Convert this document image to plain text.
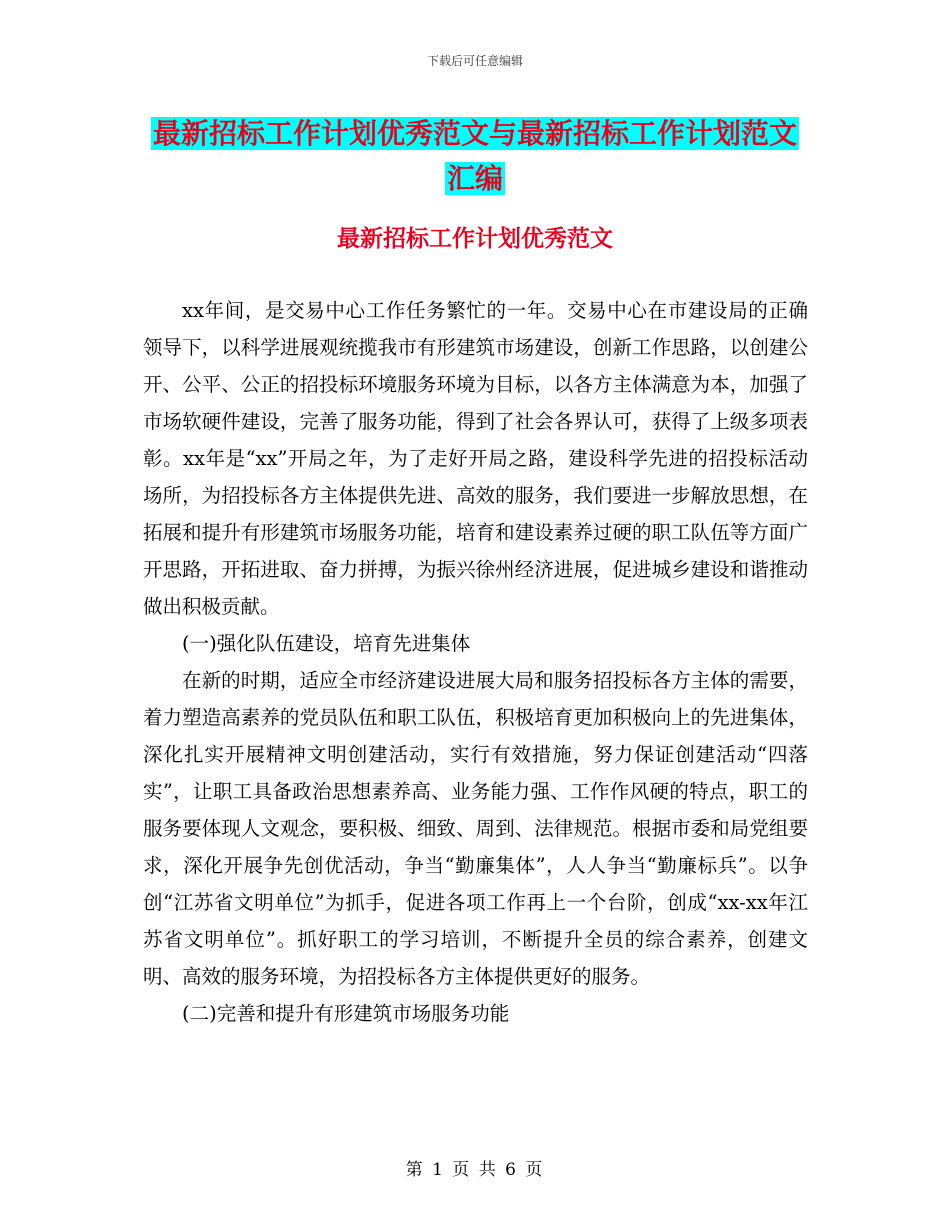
下载后可任意编辑
最新招标工作计划优秀范文与最新招标工作计划范文
汇编
最新招标工作计划优秀范文

xx年间，是交易中心工作任务繁忙的一年。交易中心在市建设局的正确领导下，以科学进展观统揽我市有形建筑市场建设，创新工作思路，以创建公开、公平、公正的招投标环境服务环境为目标，以各方主体满意为本，加强了市场软硬件建设，完善了服务功能，得到了社会各界认可，获得了上级多项表彰。xx年是“xx”开局之年，为了走好开局之路，建设科学先进的招投标活动场所，为招投标各方主体提供先进、高效的服务，我们要进一步解放思想，在拓展和提升有形建筑市场服务功能，培育和建设素养过硬的职工队伍等方面广开思路，开拓进取、奋力拼搏，为振兴徐州经济进展，促进城乡建设和谐推动做出积极贡献。

(一)强化队伍建设，培育先进集体

在新的时期，适应全市经济建设进展大局和服务招投标各方主体的需要，着力塑造高素养的党员队伍和职工队伍，积极培育更加积极向上的先进集体，深化扎实开展精神文明创建活动，实行有效措施，努力保证创建活动“四落实”，让职工具备政治思想素养高、业务能力强、工作作风硬的特点，职工的服务要体现人文观念，要积极、细致、周到、法律规范。根据市委和局党组要求，深化开展争先创优活动，争当“勤廉集体”，人人争当“勤廉标兵”。以争创“江苏省文明单位”为抓手，促进各项工作再上一个台阶，创成“xx-xx年江苏省文明单位”。抓好职工的学习培训，不断提升全员的综合素养，创建文明、高效的服务环境，为招投标各方主体提供更好的服务。

(二)完善和提升有形建筑市场服务功能

第 1 页 共 6 页
